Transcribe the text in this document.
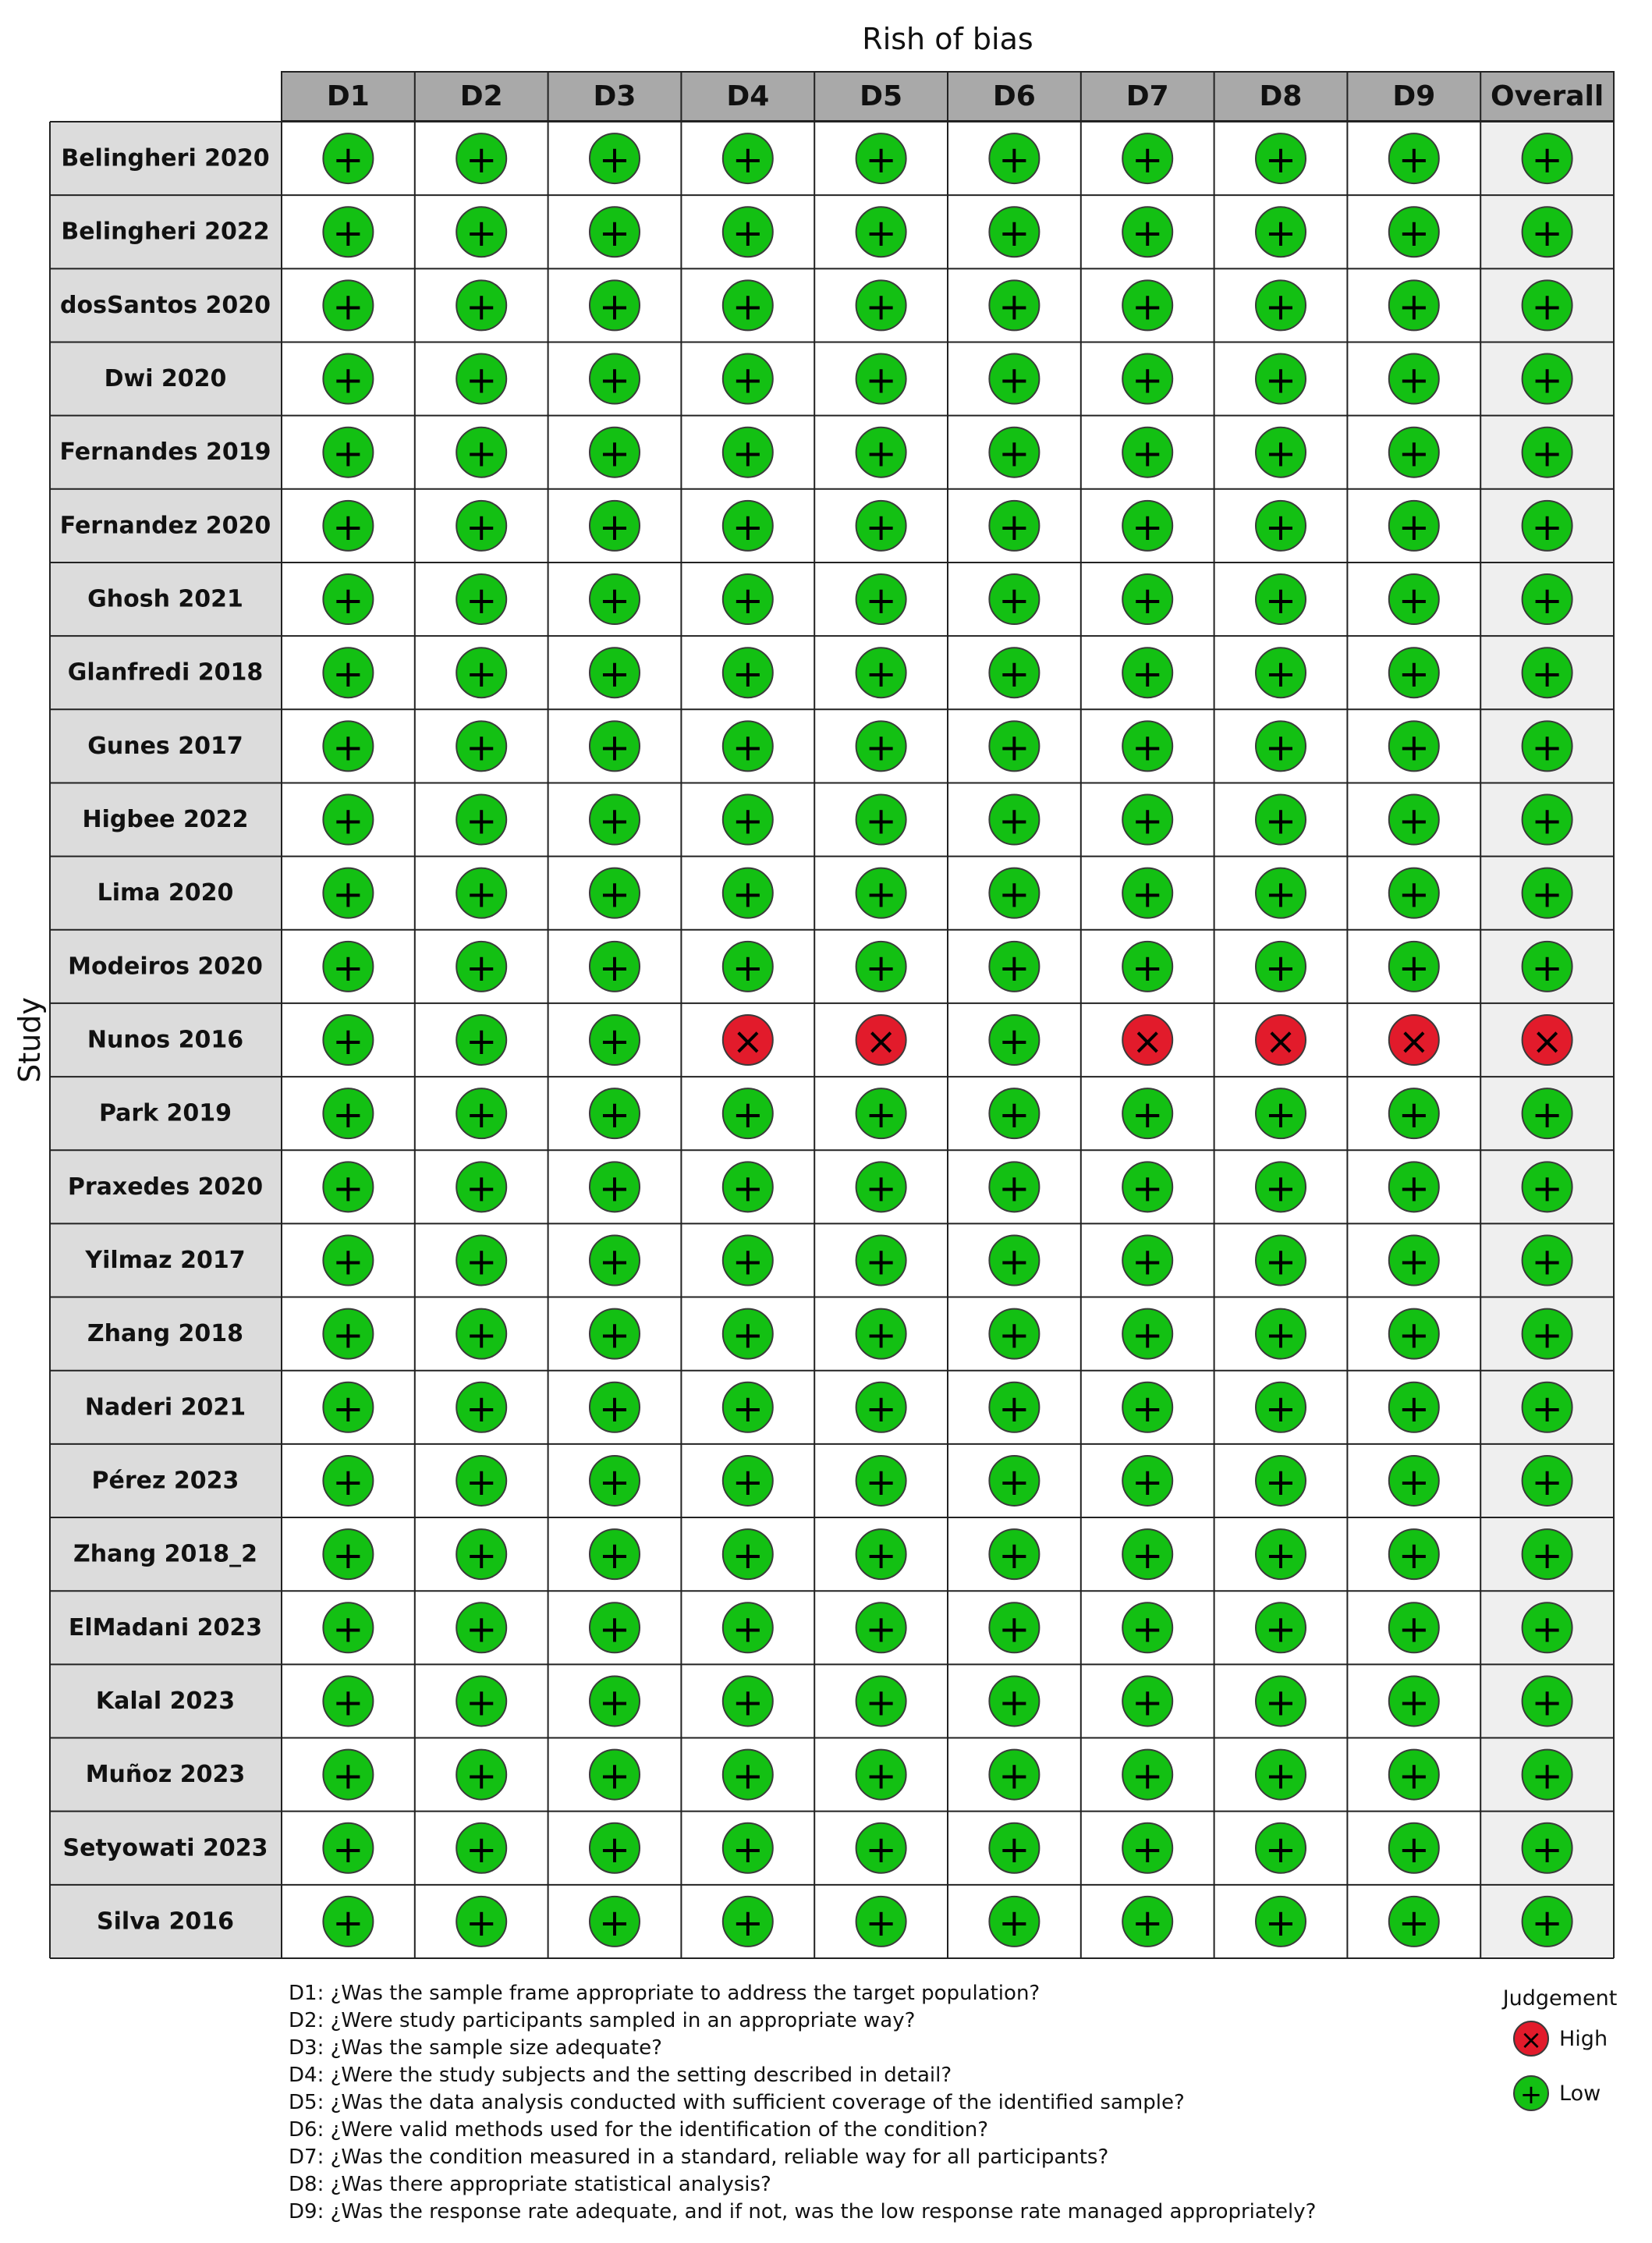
Rish of bias
Study
D1	D2	D3	D4	D5	D6	D7	D8	D9 Overall
Belingheri 2020 +	+	+	+	+	+	+	+	+	+
Belingheri 2022 +	+	+	+	+	+	+	+	+	+
dosSantos 2020 +	+	+	+	+	+	+	+	+	+
Dwi 2020	+	+	+	+	+	+	+	+	+	+
Fernandes 2019 +	+	+	+	+	+	+	+	+	+
Fernandez 2020 +	+	+	+	+	+	+	+	+	+
Ghosh 2021 +	+	+	+	+	+	+	+	+	+
Glanfredi 2018 +	+	+	+	+	+	+	+	+	+
Gunes 2017 +	+	+	+	+	+	+	+	+	+
Higbee 2022 +	+	+	+	+	+	+	+	+	+
Lima 2020	+	+	+	+	+	+	+	+	+	+
Modeiros 2020 +	+	+	+	+	+	+	+	+	+
Nunos 2016 +	+	+	×	×	+	×	×	×	×
Park 2019	+	+	+	+	+	+	+	+	+	+
Praxedes 2020 +	+	+	+	+	+	+	+	+	+
Yilmaz 2017 +	+	+	+	+	+	+	+	+	+
Zhang 2018 +	+	+	+	+	+	+	+	+	+
Naderi 2021 +	+	+	+	+	+	+	+	+	+
Pérez 2023 +	+	+	+	+	+	+	+	+	+
Zhang 2018_2 +	+	+	+	+	+	+	+	+	+
ElMadani 2023 +	+	+	+	+	+	+	+	+	+
Kalal 2023	+	+	+	+	+	+	+	+	+	+
Muñoz 2023 +	+	+	+	+	+	+	+	+	+
Setyowati 2023 +	+	+	+	+	+	+	+	+	+
Silva 2016	+	+	+	+	+	+	+	+	+	+
D1: ¿Was the sample frame appropriate to address the target population?
D2: ¿Were study participants sampled in an appropriate way?
D3: ¿Was the sample size adequate?
D4: ¿Were the study subjects and the setting described in detail?
D5: ¿Was the data analysis conducted with sufficient coverage of the identified sample?
D6: ¿Were valid methods used for the identification of the condition?
D7: ¿Was the condition measured in a standard, reliable way for all participants?
D8: ¿Was there appropriate statistical analysis?
D9: ¿Was the response rate adequate, and if not, was the low response rate managed appropriately?
Judgement
× High
+ Low
